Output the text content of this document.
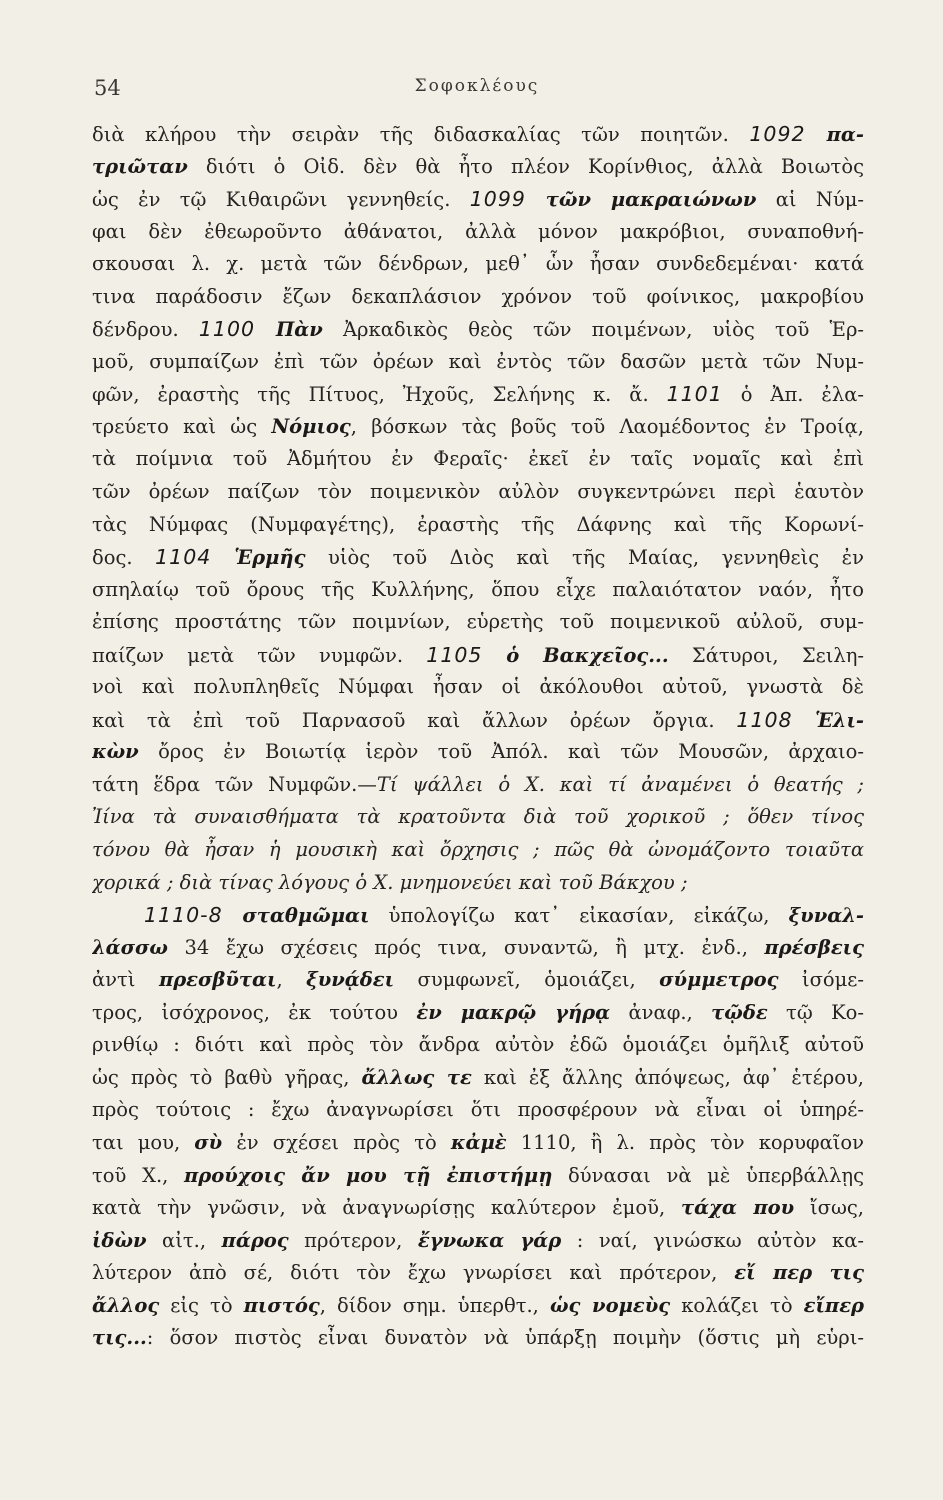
54	Σοφοκλέους
διὰ κλήρου τὴν σειρὰν τῆς διδασκαλίας τῶν ποιητῶν. 1092 πα-
τριῶταν διότι ὁ Οἰδ. δὲν θὰ ἦτο πλέον Κορίνθιος, ἀλλὰ Βοιωτὸς
ὡς ἐν τῷ Κιθαιρῶνι γεννηθείς. 1099 τῶν μακραιώνων αἱ Νύμ-
φαι δὲν ἐθεωροῦντο ἀθάνατοι, ἀλλὰ μόνον μακρόβιοι, συναποθνή-
σκουσαι λ. χ. μετὰ τῶν δένδρων, μεθ᾽ ὧν ἦσαν συνδεδεμέναι· κατά
τινα παράδοσιν ἔζων δεκαπλάσιον χρόνον τοῦ φοίνικος, μακροβίου
δένδρου. 1100 Πὰν Ἀρκαδικὸς θεὸς τῶν ποιμένων, υἱὸς τοῦ Ἑρ-
μοῦ, συμπαίζων ἐπὶ τῶν ὀρέων καὶ ἐντὸς τῶν δασῶν μετὰ τῶν Νυμ-
φῶν, ἐραστὴς τῆς Πίτυος, Ἠχοῦς, Σελήνης κ. ἄ. 1101 ὁ Ἀπ. ἐλα-
τρεύετο καὶ ὡς Νόμιος, βόσκων τὰς βοῦς τοῦ Λαομέδοντος ἐν Τροίᾳ,
τὰ ποίμνια τοῦ Ἀδμήτου ἐν Φεραῖς· ἐκεῖ ἐν ταῖς νομαῖς καὶ ἐπὶ
τῶν ὀρέων παίζων τὸν ποιμενικὸν αὐλὸν συγκεντρώνει περὶ ἑαυτὸν
τὰς Νύμφας (Νυμφαγέτης), ἐραστὴς τῆς Δάφνης καὶ τῆς Κορωνί-
δος. 1104 Ἑρμῆς υἱὸς τοῦ Διὸς καὶ τῆς Μαίας, γεννηθεὶς ἐν
σπηλαίῳ τοῦ ὄρους τῆς Κυλλήνης, ὅπου εἶχε παλαιότατον ναόν, ἦτο
ἐπίσης προστάτης τῶν ποιμνίων, εὑρετὴς τοῦ ποιμενικοῦ αὐλοῦ, συμ-
παίζων μετὰ τῶν νυμφῶν. 1105 ὁ Βακχεῖος... Σάτυροι, Σειλη-
νοὶ καὶ πολυπληθεῖς Νύμφαι ἦσαν οἱ ἀκόλουθοι αὐτοῦ, γνωστὰ δὲ
καὶ τὰ ἐπὶ τοῦ Παρνασοῦ καὶ ἄλλων ὀρέων ὄργια. 1108 Ἑλι-
κὼν ὄρος ἐν Βοιωτίᾳ ἱερὸν τοῦ Ἀπόλ. καὶ τῶν Μουσῶν, ἀρχαιο-
τάτη ἕδρα τῶν Νυμφῶν.—Τί ψάλλει ὁ Χ. καὶ τί ἀναμένει ὁ θεατής ;
Ἰίνα τὰ συναισθήματα τὰ κρατοῦντα διὰ τοῦ χορικοῦ ; ὅθεν τίνος
τόνου θὰ ἦσαν ἡ μουσικὴ καὶ ὄρχησις ; πῶς θὰ ὠνομάζοντο τοιαῦτα
χορικά ; διὰ τίνας λόγους ὁ Χ. μνημονεύει καὶ τοῦ Βάκχου ;
1110-8 σταθμῶμαι ὑπολογίζω κατ᾽ εἰκασίαν, εἰκάζω, ξυναλ-
λάσσω 34 ἔχω σχέσεις πρός τινα, συναντῶ, ἢ μτχ. ἐνδ., πρέσβεις
ἀντὶ πρεσβῦται, ξυνᾴδει συμφωνεῖ, ὁμοιάζει, σύμμετρος ἰσόμε-
τρος, ἰσόχρονος, ἐκ τούτου ἐν μακρῷ γήρᾳ ἀναφ., τῷδε τῷ Κο-
ρινθίῳ : διότι καὶ πρὸς τὸν ἄνδρα αὐτὸν ἐδῶ ὁμοιάζει ὁμῆλιξ αὐτοῦ
ὡς πρὸς τὸ βαθὺ γῆρας, ἄλλως τε καὶ ἐξ ἄλλης ἀπόψεως, ἀφ᾽ ἑτέρου,
πρὸς τούτοις : ἔχω ἀναγνωρίσει ὅτι προσφέρουν νὰ εἶναι οἱ ὑπηρέ-
ται μου, σὺ ἐν σχέσει πρὸς τὸ κἀμὲ 1110, ἢ λ. πρὸς τὸν κορυφαῖον
τοῦ Χ., προύχοις ἄν μου τῇ ἐπιστήμῃ δύνασαι νὰ μὲ ὑπερβάλλῃς
κατὰ τὴν γνῶσιν, νὰ ἀναγνωρίσῃς καλύτερον ἐμοῦ, τάχα που ἴσως,
ἰδὼν αἰτ., πάρος πρότερον, ἔγνωκα γάρ : ναί, γινώσκω αὐτὸν κα-
λύτερον ἀπὸ σέ, διότι τὸν ἔχω γνωρίσει καὶ πρότερον, εἴ περ τις
ἄλλος εἰς τὸ πιστός, δίδον σημ. ὑπερθτ., ὡς νομεὺς κολάζει τὸ εἴπερ
τις...: ὅσον πιστὸς εἶναι δυνατὸν νὰ ὑπάρξῃ ποιμὴν (ὅστις μὴ εὑρι-
